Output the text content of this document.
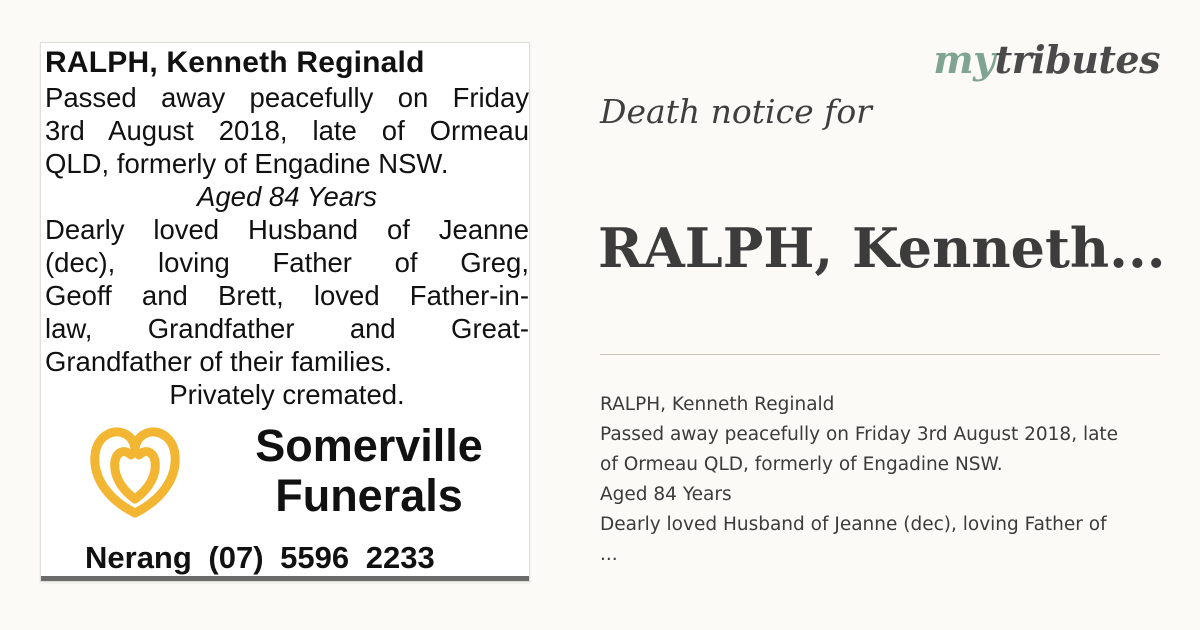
RALPH, Kenneth Reginald
Passed away peacefully on Friday
3rd August 2018, late of Ormeau
QLD, formerly of Engadine NSW.
Aged 84 Years
Dearly loved Husband of Jeanne
(dec), loving Father of Greg,
Geoff and Brett, loved Father-in-
law, Grandfather and Great-
Grandfather of their families.
Privately cremated.
Somerville
Funerals
Nerang (07) 5596 2233
mytributes
Death notice for
RALPH, Kenneth...
RALPH, Kenneth Reginald
Passed away peacefully on Friday 3rd August 2018, late
of Ormeau QLD, formerly of Engadine NSW.
Aged 84 Years
Dearly loved Husband of Jeanne (dec), loving Father of
...
